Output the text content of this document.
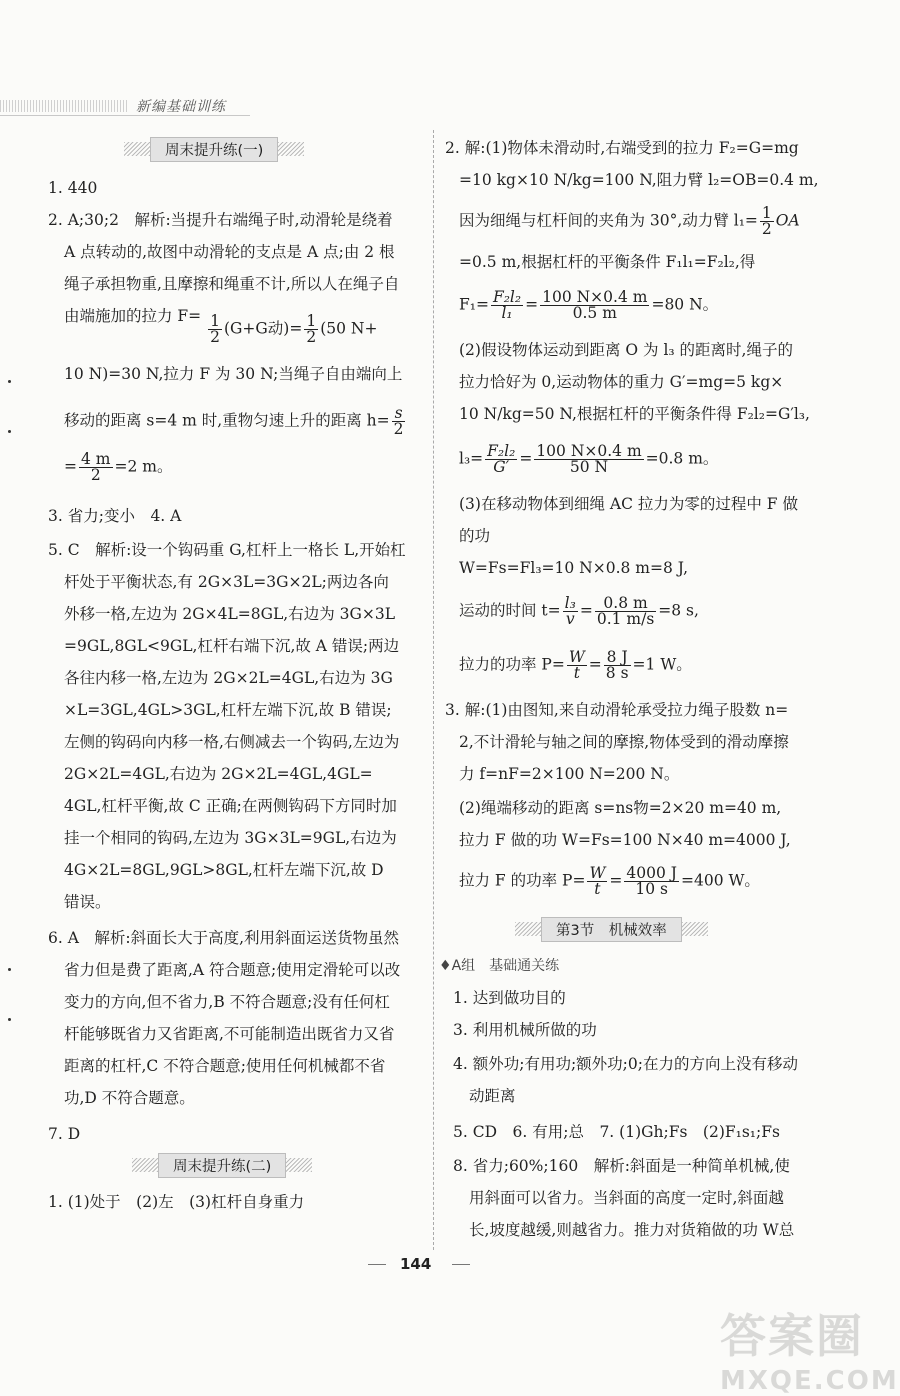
新编基础训练
周末提升练(一)
1. 440
2. A;30;2　解析:当提升右端绳子时,动滑轮是绕着
A 点转动的,故图中动滑轮的支点是 A 点;由 2 根
绳子承担物重,且摩擦和绳重不计,所以人在绳子自
由端施加的拉力 $F= \frac{1}{2} (G+G$动)= $\frac{1}{2} (50$ N+
10 N)=30 N,拉力 F 为 30 N;当绳子自由端向上
移动的距离 s=4 m 时,重物匀速上升的距离 $h= \frac{s}{2}$
= $\frac{4 m}{2} =2$ m。
3. 省力;变小　4. A
5. C　解析:设一个钩码重 G,杠杆上一格长 L,开始杠
杆处于平衡状态,有 2G×3L=3G×2L;两边各向
外移一格,左边为 2G×4L=8GL,右边为 3G×3L
=9GL,8GL<9GL,杠杆右端下沉,故 A 错误;两边
各往内移一格,左边为 2G×2L=4GL,右边为 3G
×L=3GL,4GL>3GL,杠杆左端下沉,故 B 错误;
左侧的钩码向内移一格,右侧减去一个钩码,左边为
2G×2L=4GL,右边为 2G×2L=4GL,4GL=
4GL,杠杆平衡,故 C 正确;在两侧钩码下方同时加
挂一个相同的钩码,左边为 3G×3L=9GL,右边为
4G×2L=8GL,9GL>8GL,杠杆左端下沉,故 D
错误。
6. A　解析:斜面长大于高度,利用斜面运送货物虽然
省力但是费了距离,A 符合题意;使用定滑轮可以改
变力的方向,但不省力,B 不符合题意;没有任何杠
杆能够既省力又省距离,不可能制造出既省力又省
距离的杠杆,C 不符合题意;使用任何机械都不省
功,D 不符合题意。
7. D
周末提升练(二)
1. (1)处于　(2)左　(3)杠杆自身重力
2. 解:(1)物体未滑动时,右端受到的拉力 F₂=G=mg
=10 kg×10 N/kg=100 N,阻力臂 l₂=OB=0.4 m,
因为细绳与杠杆间的夹角为 30°,动力臂 $l_1= \frac{1}{2}$ OA
=0.5 m,根据杠杆的平衡条件 F₁l₁=F₂l₂,得
$F_1= \frac{\text{F₂l₂}}{\text{l₁}} = \frac{100 N\times 0.4 m}{0.5 m} =80$ N。
(2)假设物体运动到距离 O 为 l₃ 的距离时,绳子的
拉力恰好为 0,运动物体的重力 G′=mg=5 kg×
10 N/kg=50 N,根据杠杆的平衡条件得 F₂l₂=G′l₃,
$l_3= \frac{\text{F₂l₂}}{G'} = \frac{100 N\times 0.4 m}{50 N} =0.8$ m。
(3)在移动物体到细绳 AC 拉力为零的过程中 F 做
的功
W=Fs=Fl₃=10 N×0.8 m=8 J,
运动的时间 $t= \frac{\text{l₃}}{v} = \frac{0.8 m}{0.1 m/s} =8$ s,
拉力的功率 $P= \frac{W}{t} = \frac{8 J}{8 s} =1$ W。
3. 解:(1)由图知,来自动滑轮承受拉力绳子股数 n=
2,不计滑轮与轴之间的摩擦,物体受到的滑动摩擦
力 f=nF=2×100 N=200 N。
(2)绳端移动的距离 s=ns物=2×20 m=40 m,
拉力 F 做的功 W=Fs=100 N×40 m=4000 J,
拉力 F 的功率 $P= \frac{W}{t} = \frac{4000 J}{10 s} =400$ W。
第3节　机械效率
♦A组　基础通关练
1. 达到做功目的
3. 利用机械所做的功
4. 额外功;有用功;额外功;0;在力的方向上没有移动
动距离
5. CD　6. 有用;总　7. (1)Gh;Fs　(2)F₁s₁;Fs
8. 省力;60%;160　解析:斜面是一种简单机械,使
用斜面可以省力。当斜面的高度一定时,斜面越
长,坡度越缓,则越省力。推力对货箱做的功 W总
144
答案圈
MXQE.COM
